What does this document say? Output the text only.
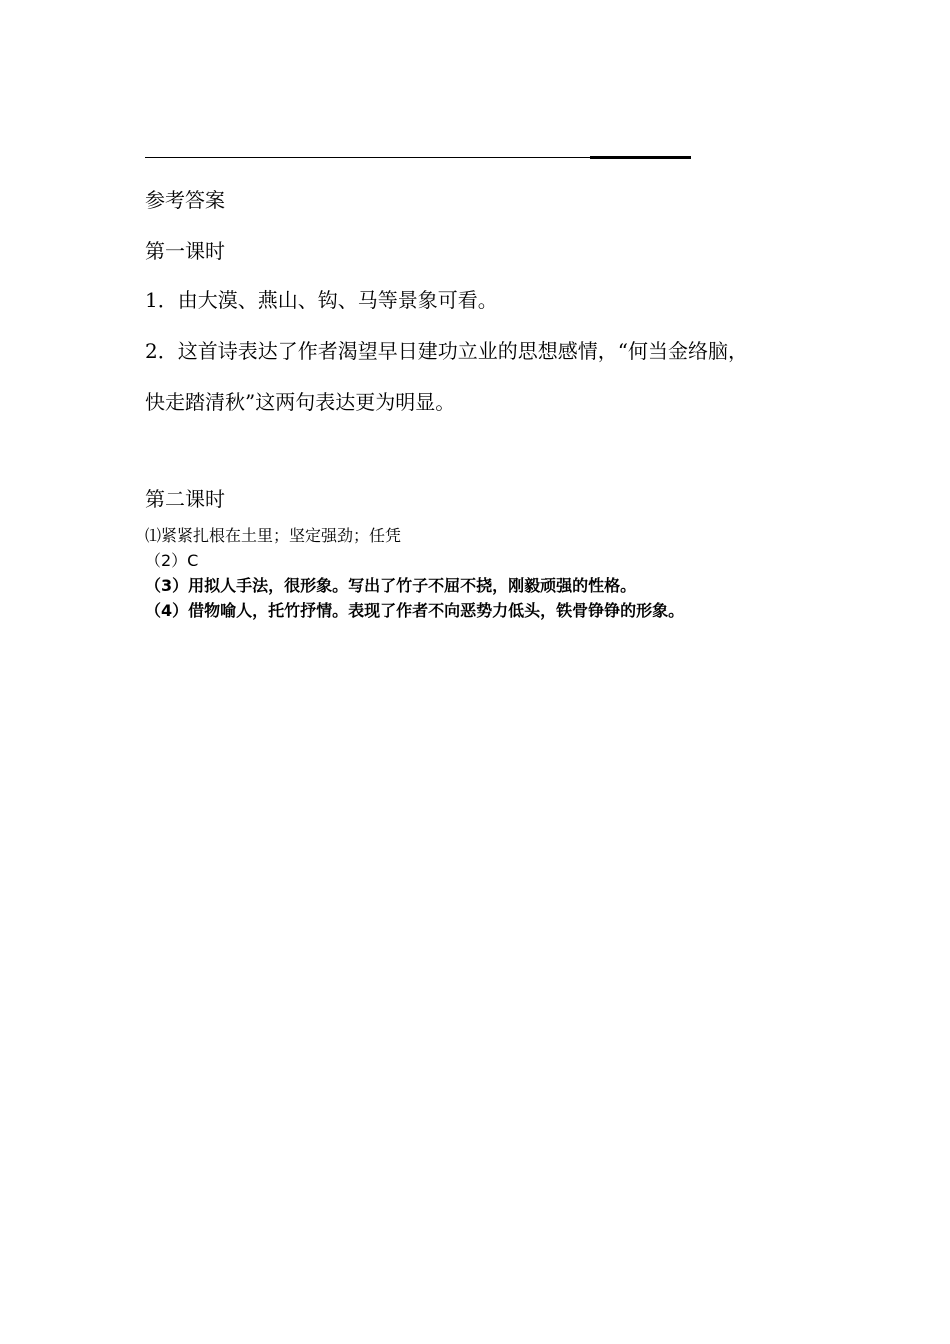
参考答案
第一课时
1．由大漠、燕山、钩、马等景象可看。
2．这首诗表达了作者渴望早日建功立业的思想感情，“何当金络脑，
快走踏清秋”这两句表达更为明显。
第二课时
⑴紧紧扎根在土里；坚定强劲；任凭
（2）C
（3）用拟人手法，很形象。写出了竹子不屈不挠，刚毅顽强的性格。
（4）借物喻人，托竹抒情。表现了作者不向恶势力低头，铁骨铮铮的形象。
